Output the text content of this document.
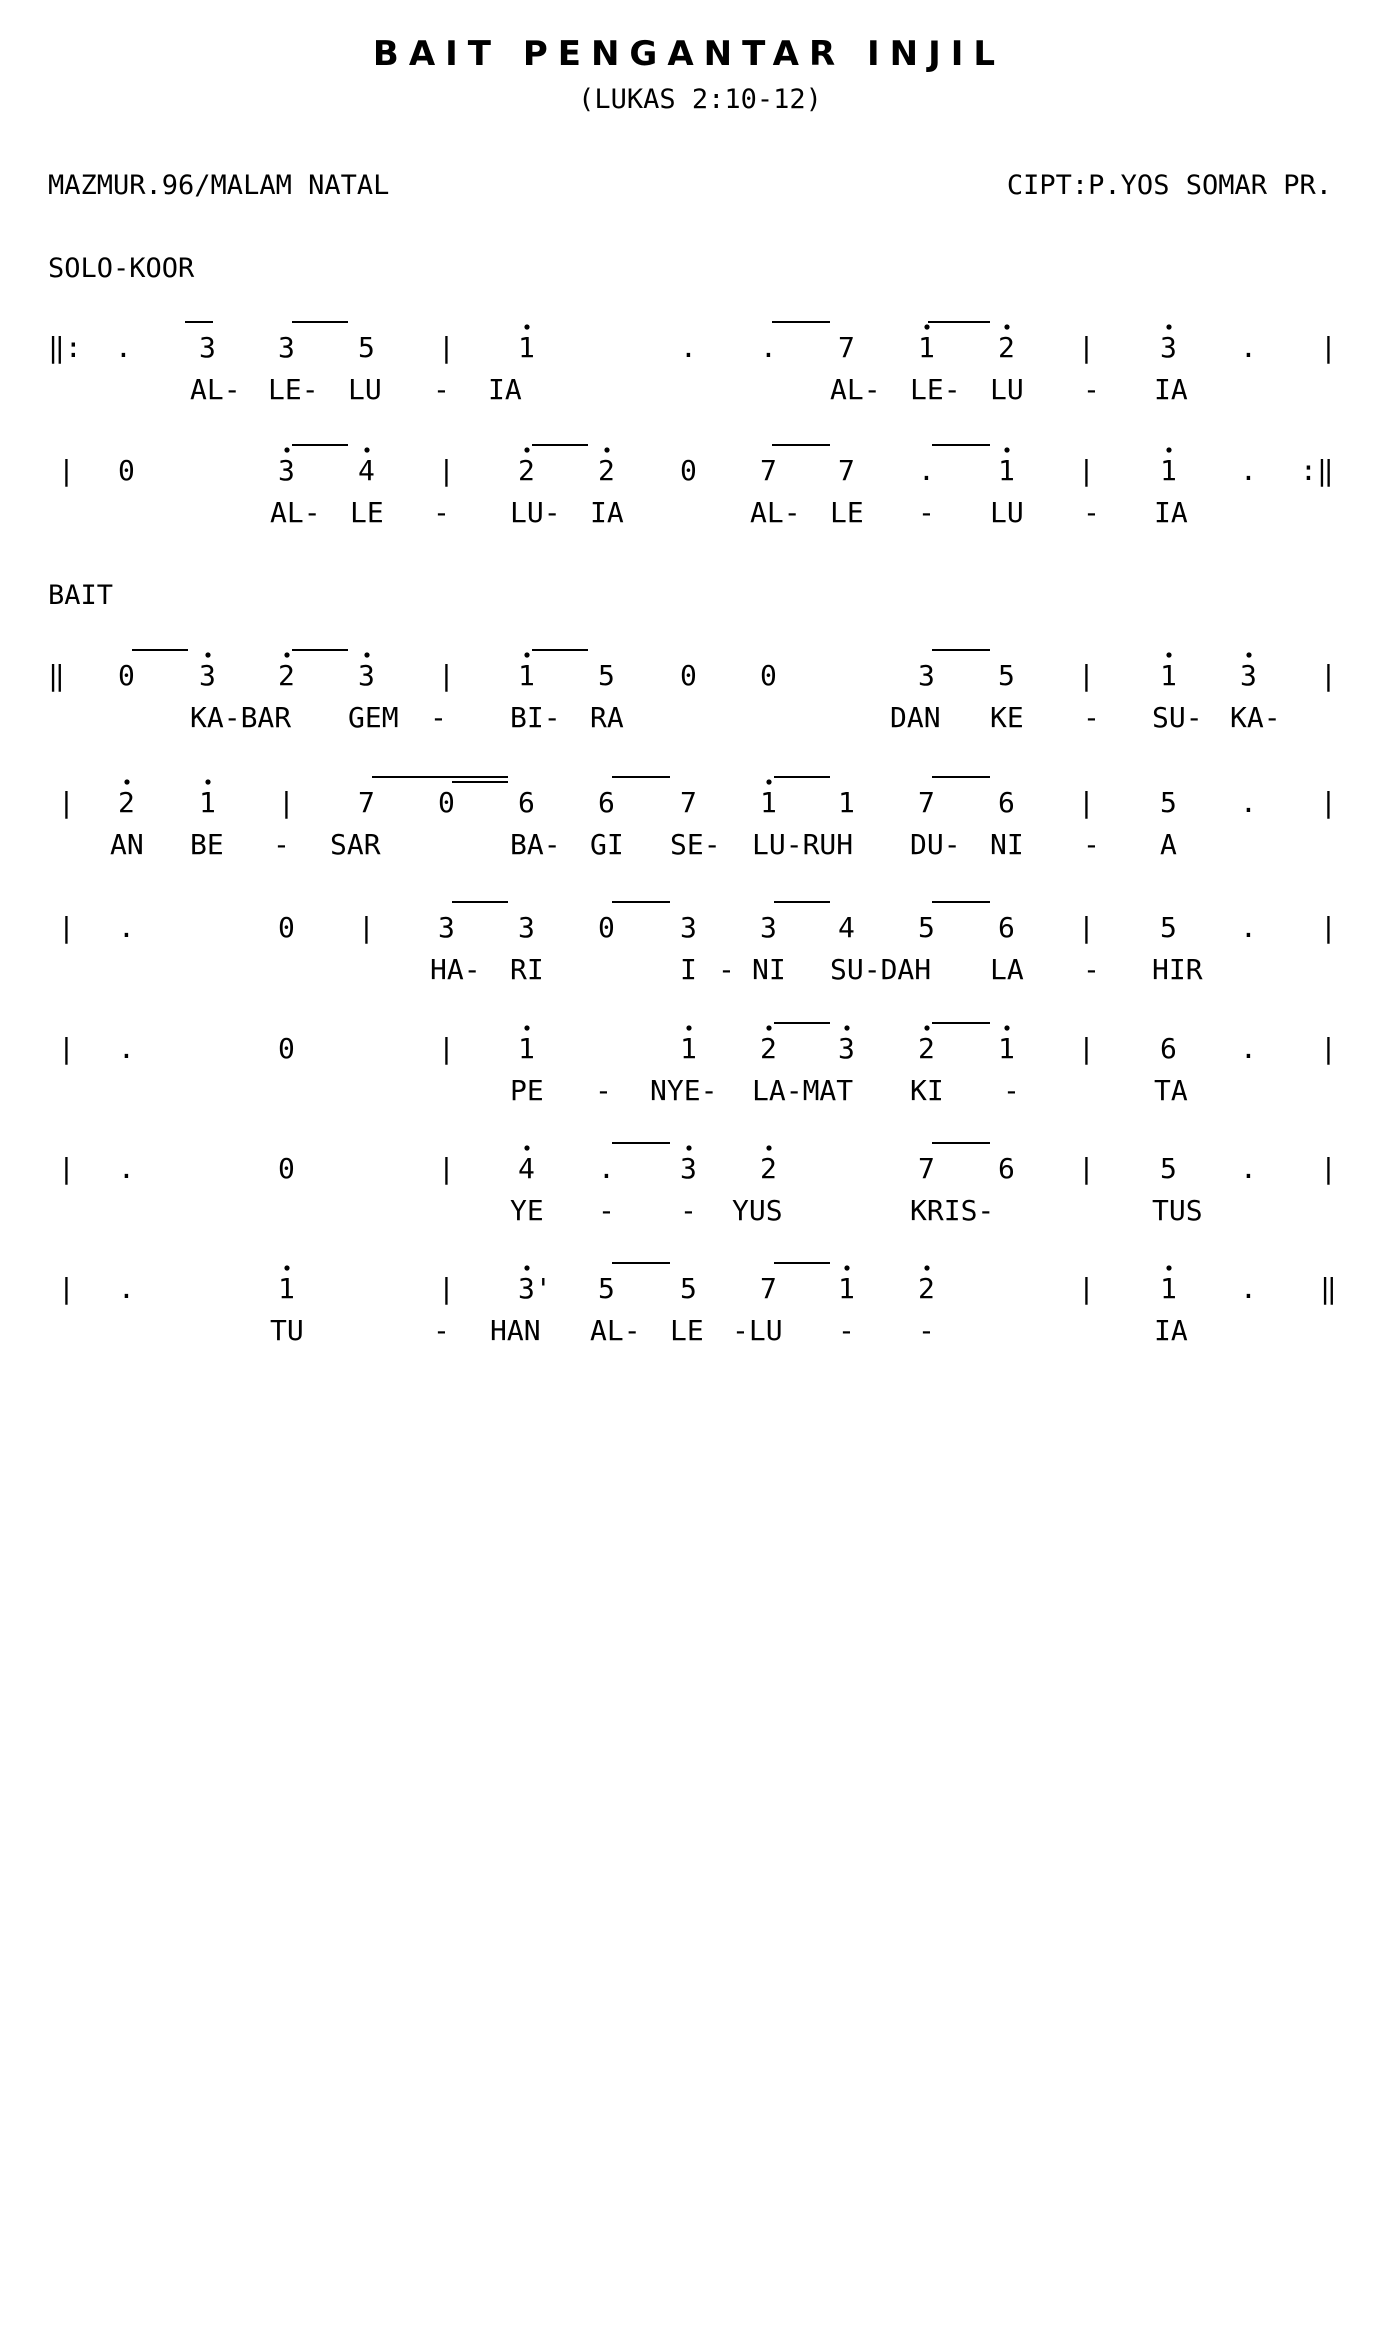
BAIT PENGANTAR INJIL
(LUKAS 2:10-12)
MAZMUR.96/MALAM NATAL	CIPT:P.YOS SOMAR PR.
SOLO-KOOR
BAIT
‖: . 3 3 5 | 1	. . 7 1 2 | 3 . |
AL- LE- LU - IA	AL- LE- LU - IA
| 0	3 4 | 2 2 0 7 7 . 1 | 1 . :‖
AL- LE - LU- IA	AL- LE - LU - IA
‖ 0 3 2 3 | 1 5 0 0	3 5 | 1 3 |
KA-BAR GEM - BI- RA	DAN KE - SU- KA-
| 2 1 | 7 0 6 6 7 1 1 7 6 | 5 . |
AN BE - SAR	BA- GI SE- LU-RUH DU- NI - A
| .	0 | 3 3 0 3 3 4 5 6 | 5 . |
HA- RI	I - NI SU-DAH LA - HIR
| .	0	| 1	1 2 3 2 1 | 6 . |
PE - NYE- LA-MAT KI -	TA
| .	0	| 4 . 3 2	7 6 | 5 . |
YE - - YUS	KRIS-	TUS
| .	1	| 3' 5 5 7 1 2	| 1 . ‖
TU	- HAN AL- LE -LU - -	IA
